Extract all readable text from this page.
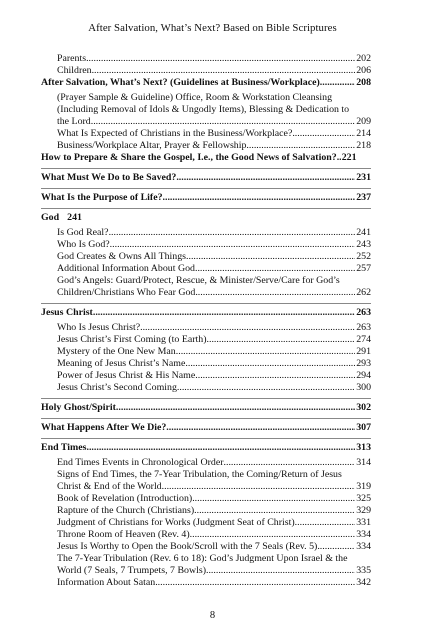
After Salvation, What’s Next? Based on Bible Scriptures
Parents .....	202
Children .....	206
After Salvation, What’s Next? (Guidelines at Business/Workplace) .....	208
(Prayer Sample & Guideline) Office, Room & Workstation Cleansing
(Including Removal of Idols & Ungodly Items), Blessing & Dedication to
the Lord .....	209
What Is Expected of Christians in the Business/Workplace? .....	214
Business/Workplace Altar, Prayer & Fellowship .....	218
How to Prepare & Share the Gospel, I.e., the Good News of Salvation? ..... 221
What Must We Do to Be Saved? .....	231
What Is the Purpose of Life? .....	237
God 241
Is God Real? .....	241
Who Is God? .....	243
God Creates & Owns All Things .....	252
Additional Information About God .....	257
God’s Angels: Guard/Protect, Rescue, & Minister/Serve/Care for God’s
Children/Christians Who Fear God .....	262
Jesus Christ .....	263
Who Is Jesus Christ? .....	263
Jesus Christ’s First Coming (to Earth) .....	274
Mystery of the One New Man .....	291
Meaning of Jesus Christ’s Name .....	293
Power of Jesus Christ & His Name .....	294
Jesus Christ’s Second Coming .....	300
Holy Ghost/Spirit .....	302
What Happens After We Die? .....	307
End Times .....	313
End Times Events in Chronological Order .....	314
Signs of End Times, the 7-Year Tribulation, the Coming/Return of Jesus
Christ & End of the World .....	319
Book of Revelation (Introduction) .....	325
Rapture of the Church (Christians) .....	329
Judgment of Christians for Works (Judgment Seat of Christ) .....	331
Throne Room of Heaven (Rev. 4) .....	334
Jesus Is Worthy to Open the Book/Scroll with the 7 Seals (Rev. 5) .....	334
The 7-Year Tribulation (Rev. 6 to 18): God’s Judgment Upon Israel & the
World (7 Seals, 7 Trumpets, 7 Bowls) .....	335
Information About Satan .....	342
8
